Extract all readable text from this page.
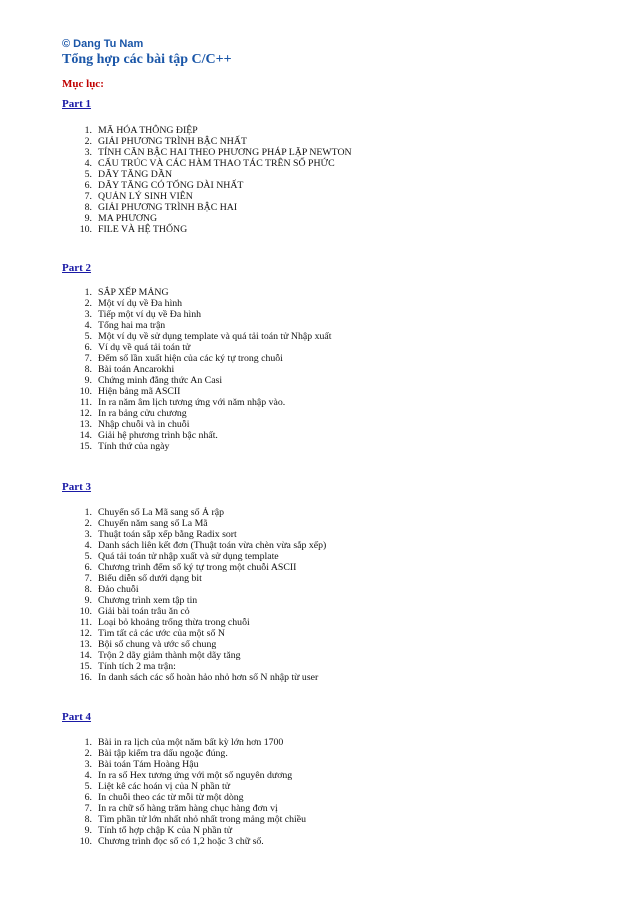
© Dang Tu Nam
Tổng hợp các bài tập C/C++
Mục lục:
Part 1
1. MÃ HÓA THÔNG ĐIỆP
2. GIẢI PHƯƠNG TRÌNH BẬC NHẤT
3. TÍNH CĂN BẬC HAI THEO PHƯƠNG PHÁP LẶP NEWTON
4. CẤU TRÚC VÀ CÁC HÀM THAO TÁC TRÊN SỐ PHỨC
5. DÃY TĂNG DẦN
6. DÃY TĂNG CÓ TỔNG DÀI NHẤT
7. QUẢN LÝ SINH VIÊN
8. GIẢI PHƯƠNG TRÌNH BẬC HAI
9. MA PHƯƠNG
10. FILE VÀ HỆ THỐNG
Part 2
1. SẮP XẾP MẢNG
2. Một ví dụ về Đa hình
3. Tiếp một ví dụ về Đa hình
4. Tổng hai ma trận
5. Một ví dụ về sử dụng template và quá tải toán tử Nhập xuất
6. Ví dụ về quá tải toán tử
7. Đếm số lần xuất hiện của các ký tự trong chuỗi
8. Bài toán Ancarokhi
9. Chứng minh đẳng thức An Casi
10. Hiện bảng mã ASCII
11. In ra năm âm lịch tương ứng với năm nhập vào.
12. In ra bảng cửu chương
13. Nhập chuỗi và in chuỗi
14. Giải hệ phương trình bậc nhất.
15. Tính thứ của ngày
Part 3
1. Chuyển số La Mã sang số Ả rập
2. Chuyển năm sang số La Mã
3. Thuật toán sắp xếp bằng Radix sort
4. Danh sách liên kết đơn (Thuật toán vừa chèn vừa sắp xếp)
5. Quá tải toán tử nhập xuất và sử dụng template
6. Chương trình đếm số ký tự trong một chuỗi ASCII
7. Biểu diễn số dưới dạng bit
8. Đảo chuỗi
9. Chương trình xem tập tin
10. Giải bài toán trâu ăn cỏ
11. Loại bỏ khoảng trống thừa trong chuỗi
12. Tìm tất cả các ước của một số N
13. Bội số chung và ước số chung
14. Trộn 2 dãy giảm thành một dãy tăng
15. Tính tích 2 ma trận:
16. In danh sách các số hoàn hảo nhỏ hơn số N nhập từ user
Part 4
1. Bài in ra lịch của một năm bất kỳ lớn hơn 1700
2. Bài tập kiểm tra dấu ngoặc đúng.
3. Bài toán Tám Hoàng Hậu
4. In ra số Hex tương ứng với một số nguyên dương
5. Liệt kê các hoán vị của N phần tử
6. In chuỗi theo các từ mỗi từ một dòng
7. In ra chữ số hàng trăm hàng chục hàng đơn vị
8. Tìm phần tử lớn nhất nhỏ nhất trong mảng một chiều
9. Tính tổ hợp chập K của N phần tử
10. Chương trình đọc số có 1,2 hoặc 3 chữ số.
